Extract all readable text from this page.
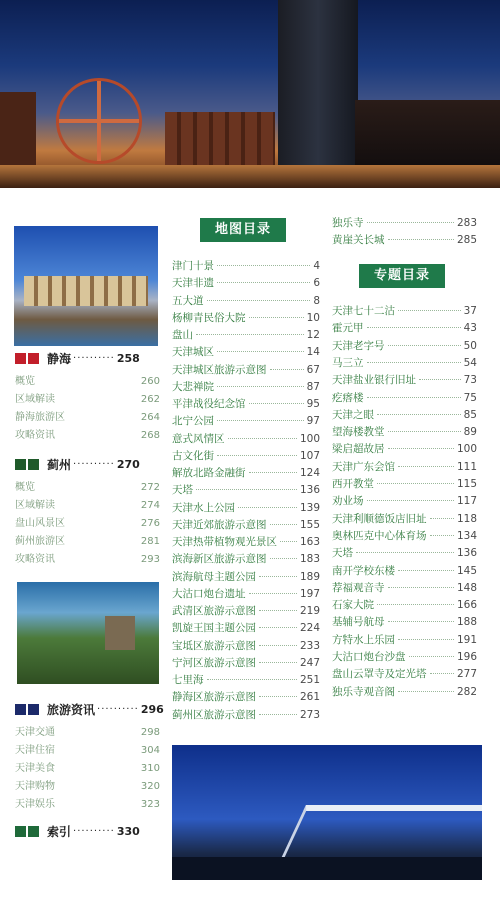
静海 ·········· 258
蓟州 ·········· 270
旅游资讯 ·········· 296
索引 ·········· 330
概览	260
区域解读	262
静海旅游区	264
攻略资讯	268
概览	272
区域解读	274
盘山风景区	276
蓟州旅游区	281
攻略资讯	293
天津交通	298
天津住宿	304
天津美食	310
天津购物	320
天津娱乐	323
地图目录
津门十景	4
天津非遗	6
五大道	8
杨柳青民俗大院	10
盘山	12
天津城区	14
天津城区旅游示意图	67
大悲禅院	87
平津战役纪念馆	95
北宁公园	97
意式风情区	100
古文化街	107
解放北路金融街	124
天塔	136
天津水上公园	139
天津近郊旅游示意图	155
天津热带植物观光景区 163
滨海新区旅游示意图	183
滨海航母主题公园	189
大沽口炮台遗址	197
武清区旅游示意图	219
凯旋王国主题公园	224
宝坻区旅游示意图	233
宁河区旅游示意图	247
七里海	251
静海区旅游示意图	261
蓟州区旅游示意图	273
独乐寺	283
黄崖关长城	285
专题目录
天津七十二沽	37
霍元甲	43
天津老字号	50
马三立	54
天津盐业银行旧址	73
疙瘩楼	75
天津之眼	85
望海楼教堂	89
梁启超故居	100
天津广东会馆	111
西开教堂	115
劝业场	117
天津利顺德饭店旧址	118
奥林匹克中心体育场	134
天塔	136
南开学校东楼	145
荐福观音寺	148
石家大院	166
基辅号航母	188
方特水上乐园	191
大沽口炮台沙盘	196
盘山云罩寺及定光塔	277
独乐寺观音阁	282
